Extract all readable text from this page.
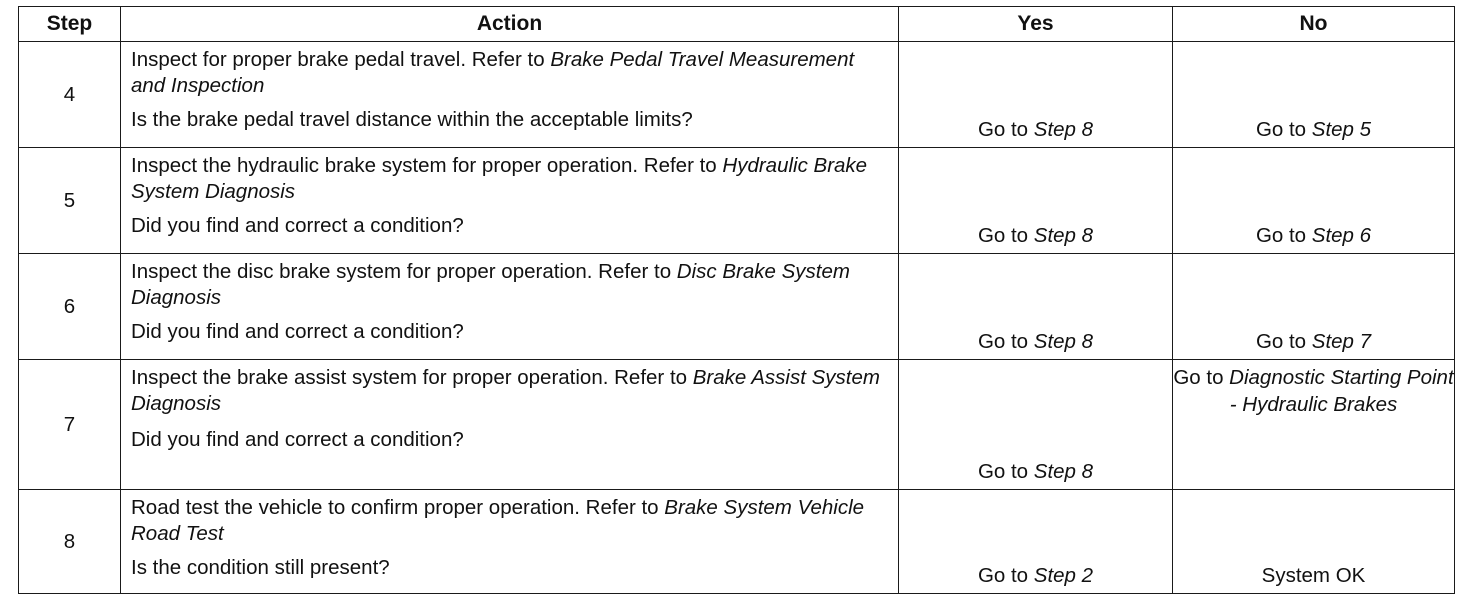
Step	Action	Yes	No
4	Inspect for proper brake pedal travel. Refer to Brake Pedal Travel Measurement and Inspection
Is the brake pedal travel distance within the acceptable limits?	Go to Step 8	Go to Step 5
5	Inspect the hydraulic brake system for proper operation. Refer to Hydraulic Brake System Diagnosis
Did you find and correct a condition?	Go to Step 8	Go to Step 6
6	Inspect the disc brake system for proper operation. Refer to Disc Brake System Diagnosis
Did you find and correct a condition?	Go to Step 8	Go to Step 7
7	Inspect the brake assist system for proper operation. Refer to Brake Assist System Diagnosis
Did you find and correct a condition?	Go to Step 8	Go to Diagnostic Starting Point - Hydraulic Brakes
8	Road test the vehicle to confirm proper operation. Refer to Brake System Vehicle Road Test
Is the condition still present?	Go to Step 2	System OK
